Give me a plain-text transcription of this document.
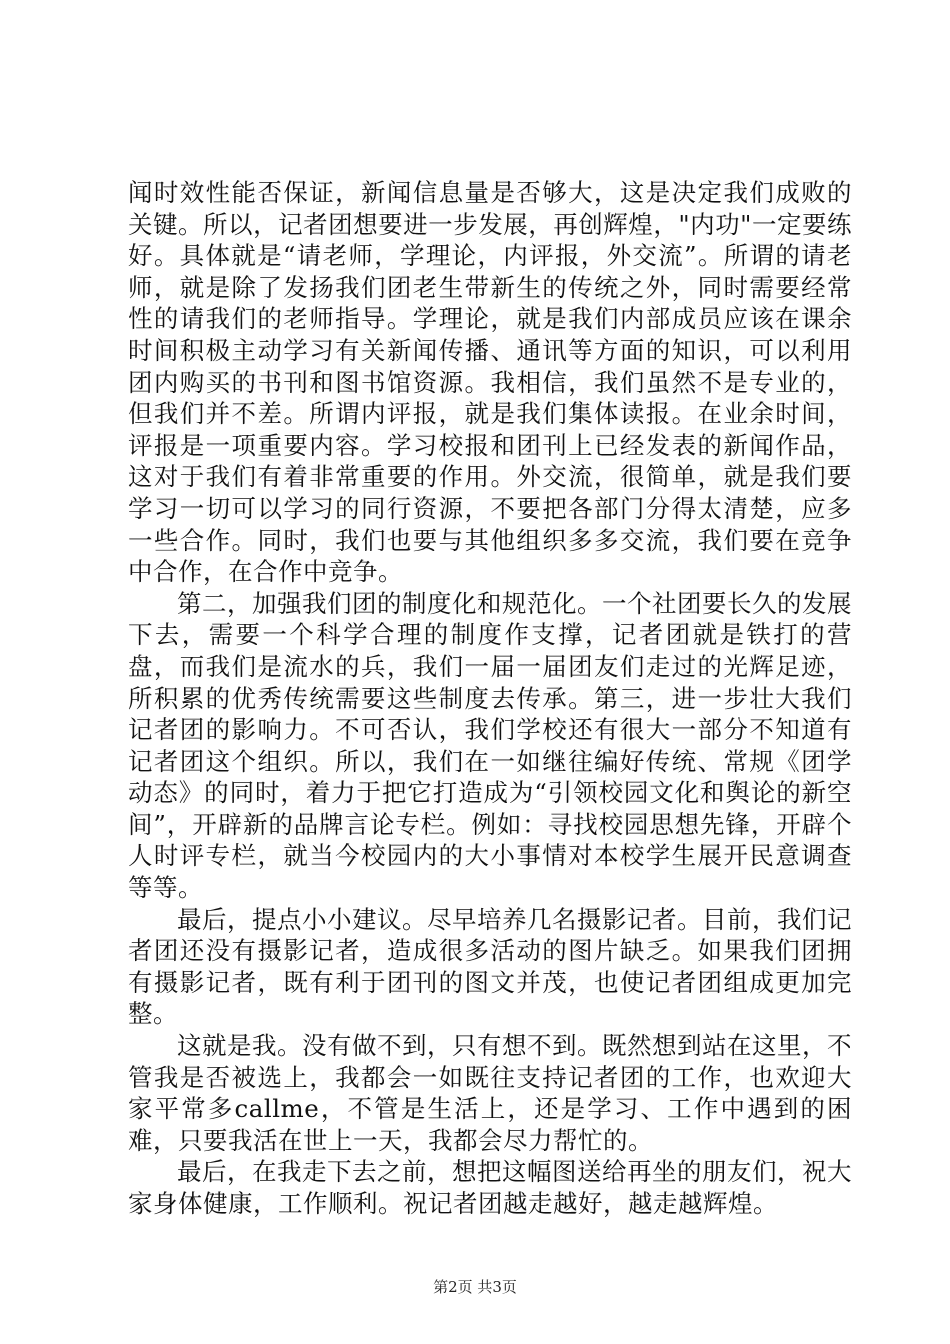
闻时效性能否保证，新闻信息量是否够大，这是决定我们成败的关键。所以，记者团想要进一步发展，再创辉煌，"内功"一定要练好。具体就是“请老师，学理论，内评报，外交流”。所谓的请老师，就是除了发扬我们团老生带新生的传统之外，同时需要经常性的请我们的老师指导。学理论，就是我们内部成员应该在课余时间积极主动学习有关新闻传播、通讯等方面的知识，可以利用团内购买的书刊和图书馆资源。我相信，我们虽然不是专业的，但我们并不差。所谓内评报，就是我们集体读报。在业余时间，评报是一项重要内容。学习校报和团刊上已经发表的新闻作品，这对于我们有着非常重要的作用。外交流，很简单，就是我们要学习一切可以学习的同行资源，不要把各部门分得太清楚，应多一些合作。同时，我们也要与其他组织多多交流，我们要在竞争中合作，在合作中竞争。

第二，加强我们团的制度化和规范化。一个社团要长久的发展下去，需要一个科学合理的制度作支撑，记者团就是铁打的营盘，而我们是流水的兵，我们一届一届团友们走过的光辉足迹，所积累的优秀传统需要这些制度去传承。第三，进一步壮大我们记者团的影响力。不可否认，我们学校还有很大一部分不知道有记者团这个组织。所以，我们在一如继往编好传统、常规《团学动态》的同时，着力于把它打造成为“引领校园文化和舆论的新空间”，开辟新的品牌言论专栏。例如：寻找校园思想先锋，开辟个人时评专栏，就当今校园内的大小事情对本校学生展开民意调查等等。

最后，提点小小建议。尽早培养几名摄影记者。目前，我们记者团还没有摄影记者，造成很多活动的图片缺乏。如果我们团拥有摄影记者，既有利于团刊的图文并茂，也使记者团组成更加完整。

这就是我。没有做不到，只有想不到。既然想到站在这里，不管我是否被选上，我都会一如既往支持记者团的工作，也欢迎大家平常多callme，不管是生活上，还是学习、工作中遇到的困难，只要我活在世上一天，我都会尽力帮忙的。

最后，在我走下去之前，想把这幅图送给再坐的朋友们，祝大家身体健康，工作顺利。祝记者团越走越好，越走越辉煌。

第2页 共3页
